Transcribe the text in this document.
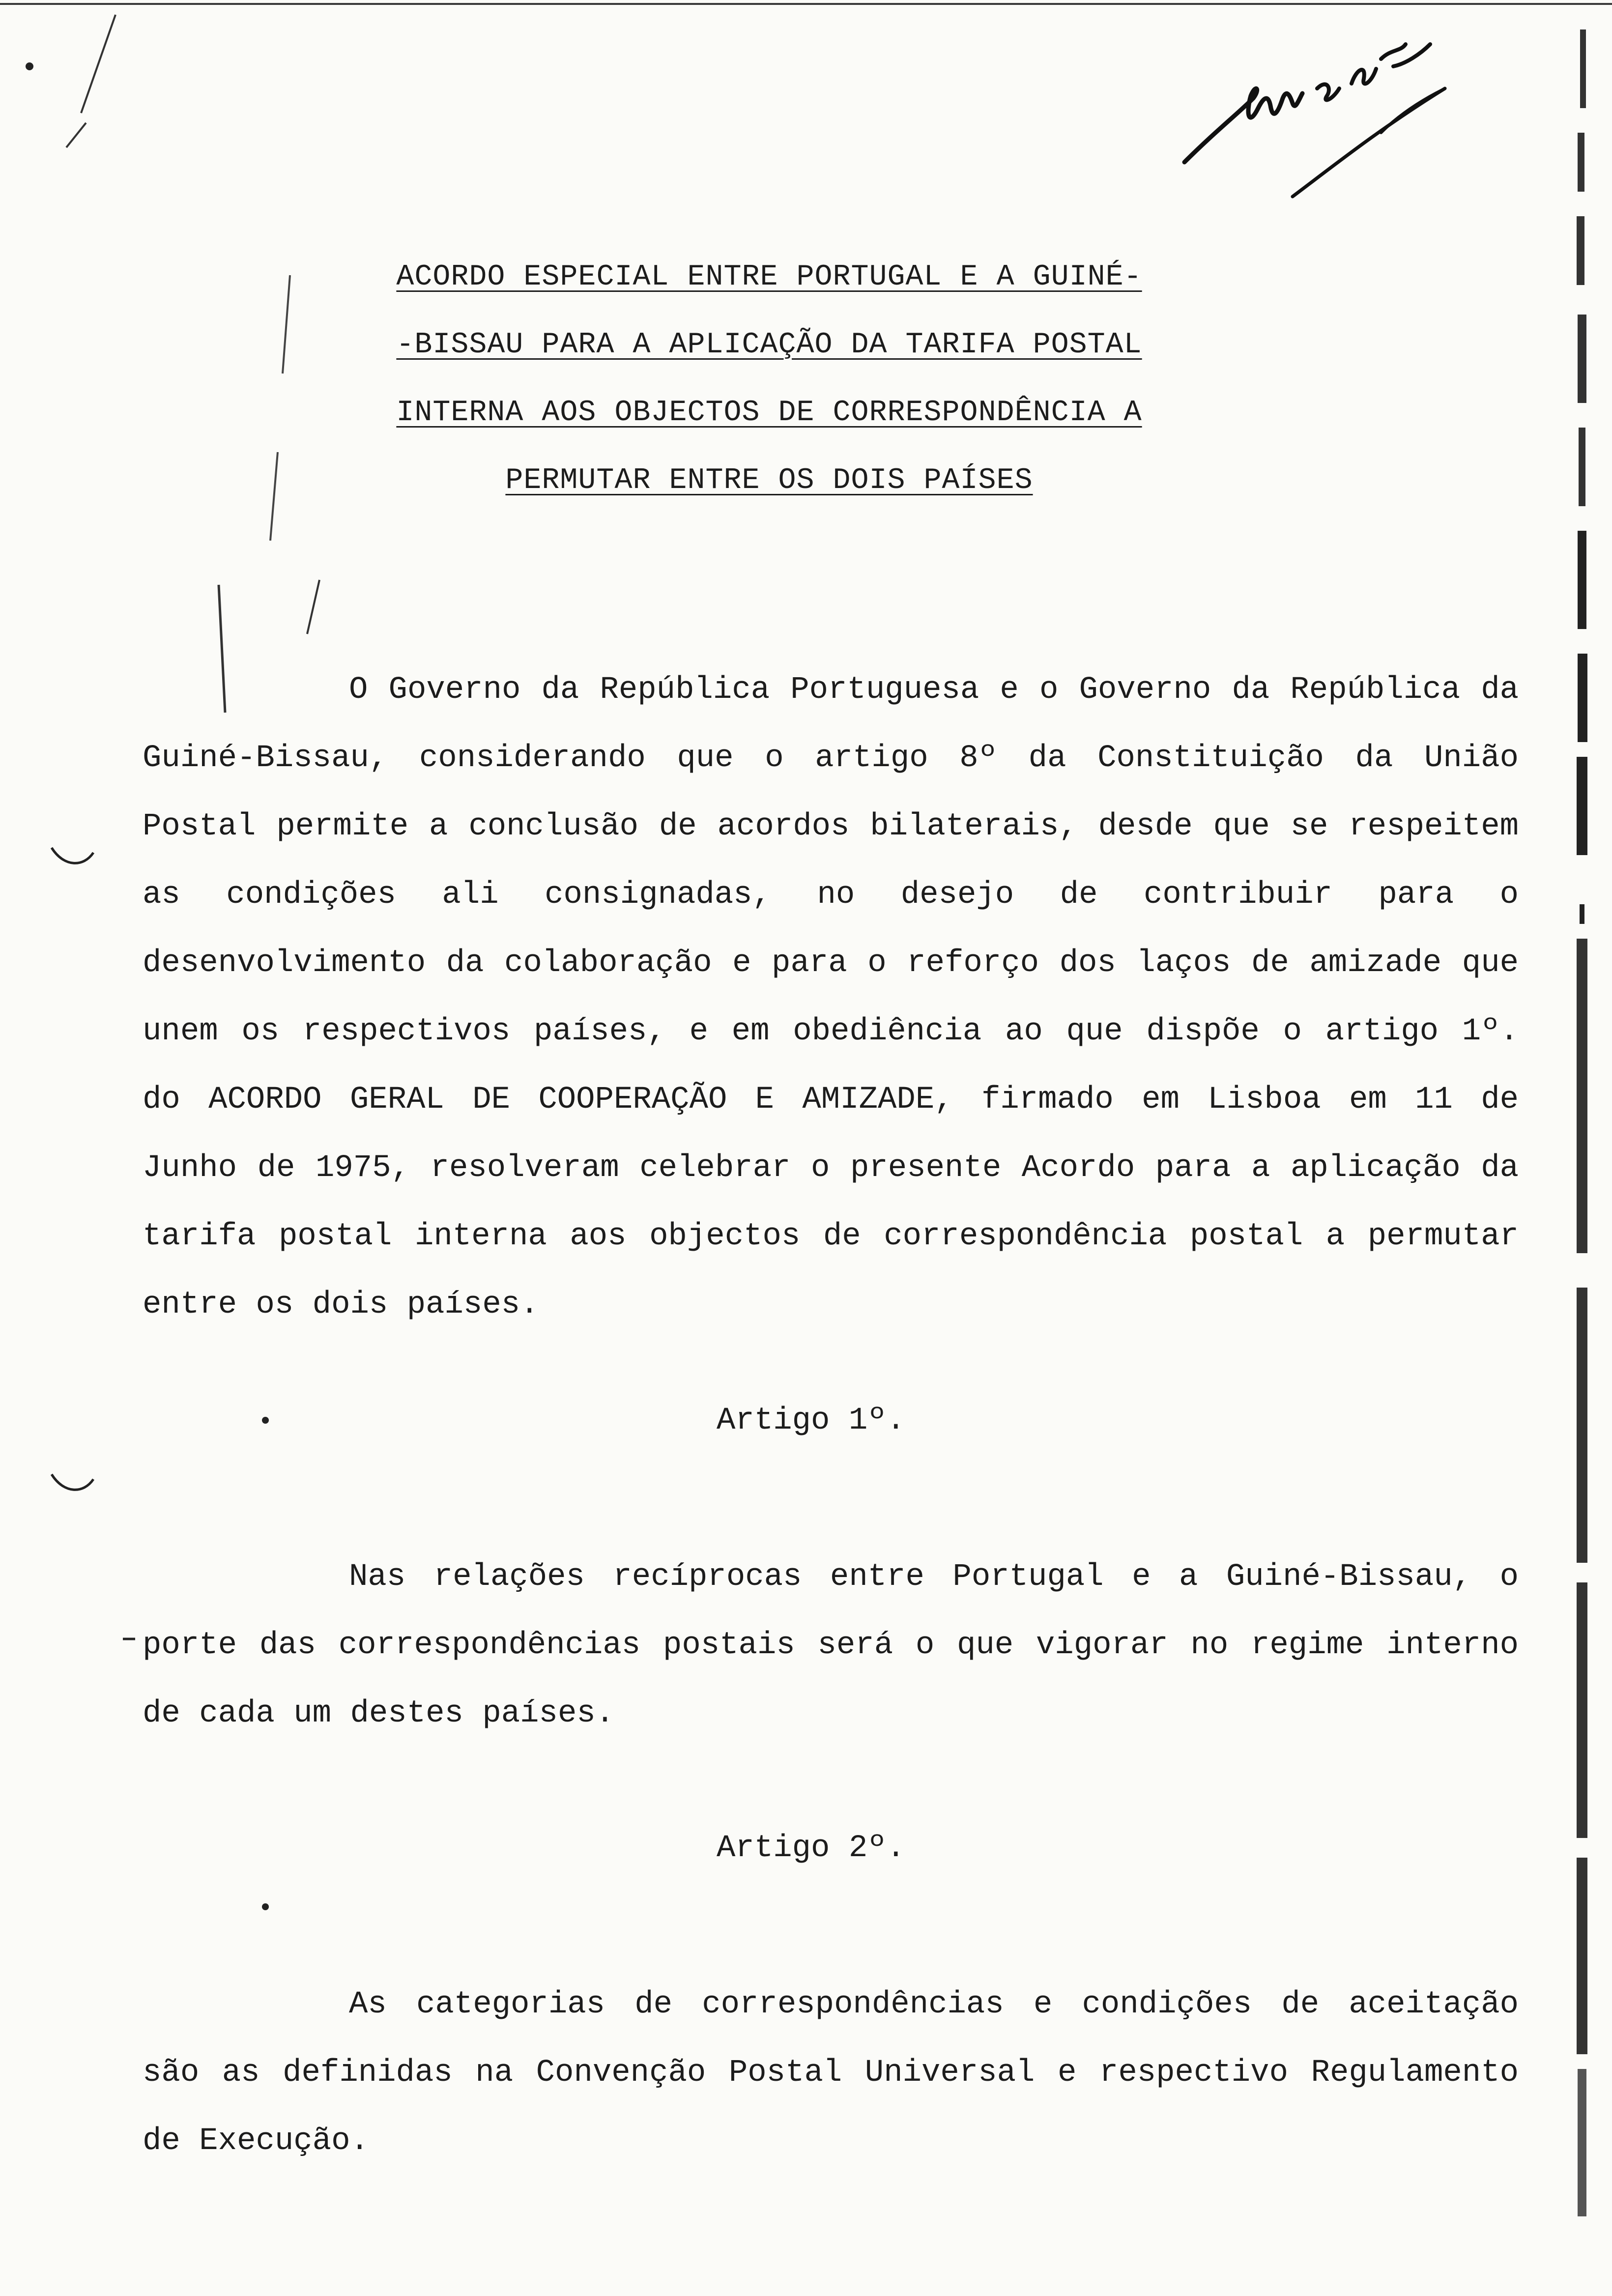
ACORDO ESPECIAL ENTRE PORTUGAL E A GUINÉ-
-BISSAU PARA A APLICAÇÃO DA TARIFA POSTAL
INTERNA AOS OBJECTOS DE CORRESPONDÊNCIA A
PERMUTAR ENTRE OS DOIS PAÍSES
O Governo da República Portuguesa e o Governo da República da Guiné-Bissau, considerando que o artigo 8º da Constituição da União Postal permite a conclusão de acordos bilaterais, desde que se respeitem as condições ali consignadas, no desejo de contribuir para o desenvolvimento da colaboração e para o reforço dos laços de amizade que unem os respectivos países, e em obediência ao que dispõe o artigo 1º. do ACORDO GERAL DE COOPERAÇÃO E AMIZADE, firmado em Lisboa em 11 de Junho de 1975, resolveram celebrar o presente Acordo para a aplicação da tarifa postal interna aos objectos de correspondência postal a permutar entre os dois países.
Artigo 1º.
Nas relações recíprocas entre Portugal e a Guiné-Bissau, o porte das correspondências postais será o que vigorar no regime interno de cada um destes países.
Artigo 2º.
As categorias de correspondências e condições de aceitação são as definidas na Convenção Postal Universal e respectivo Regulamento de Execução.
